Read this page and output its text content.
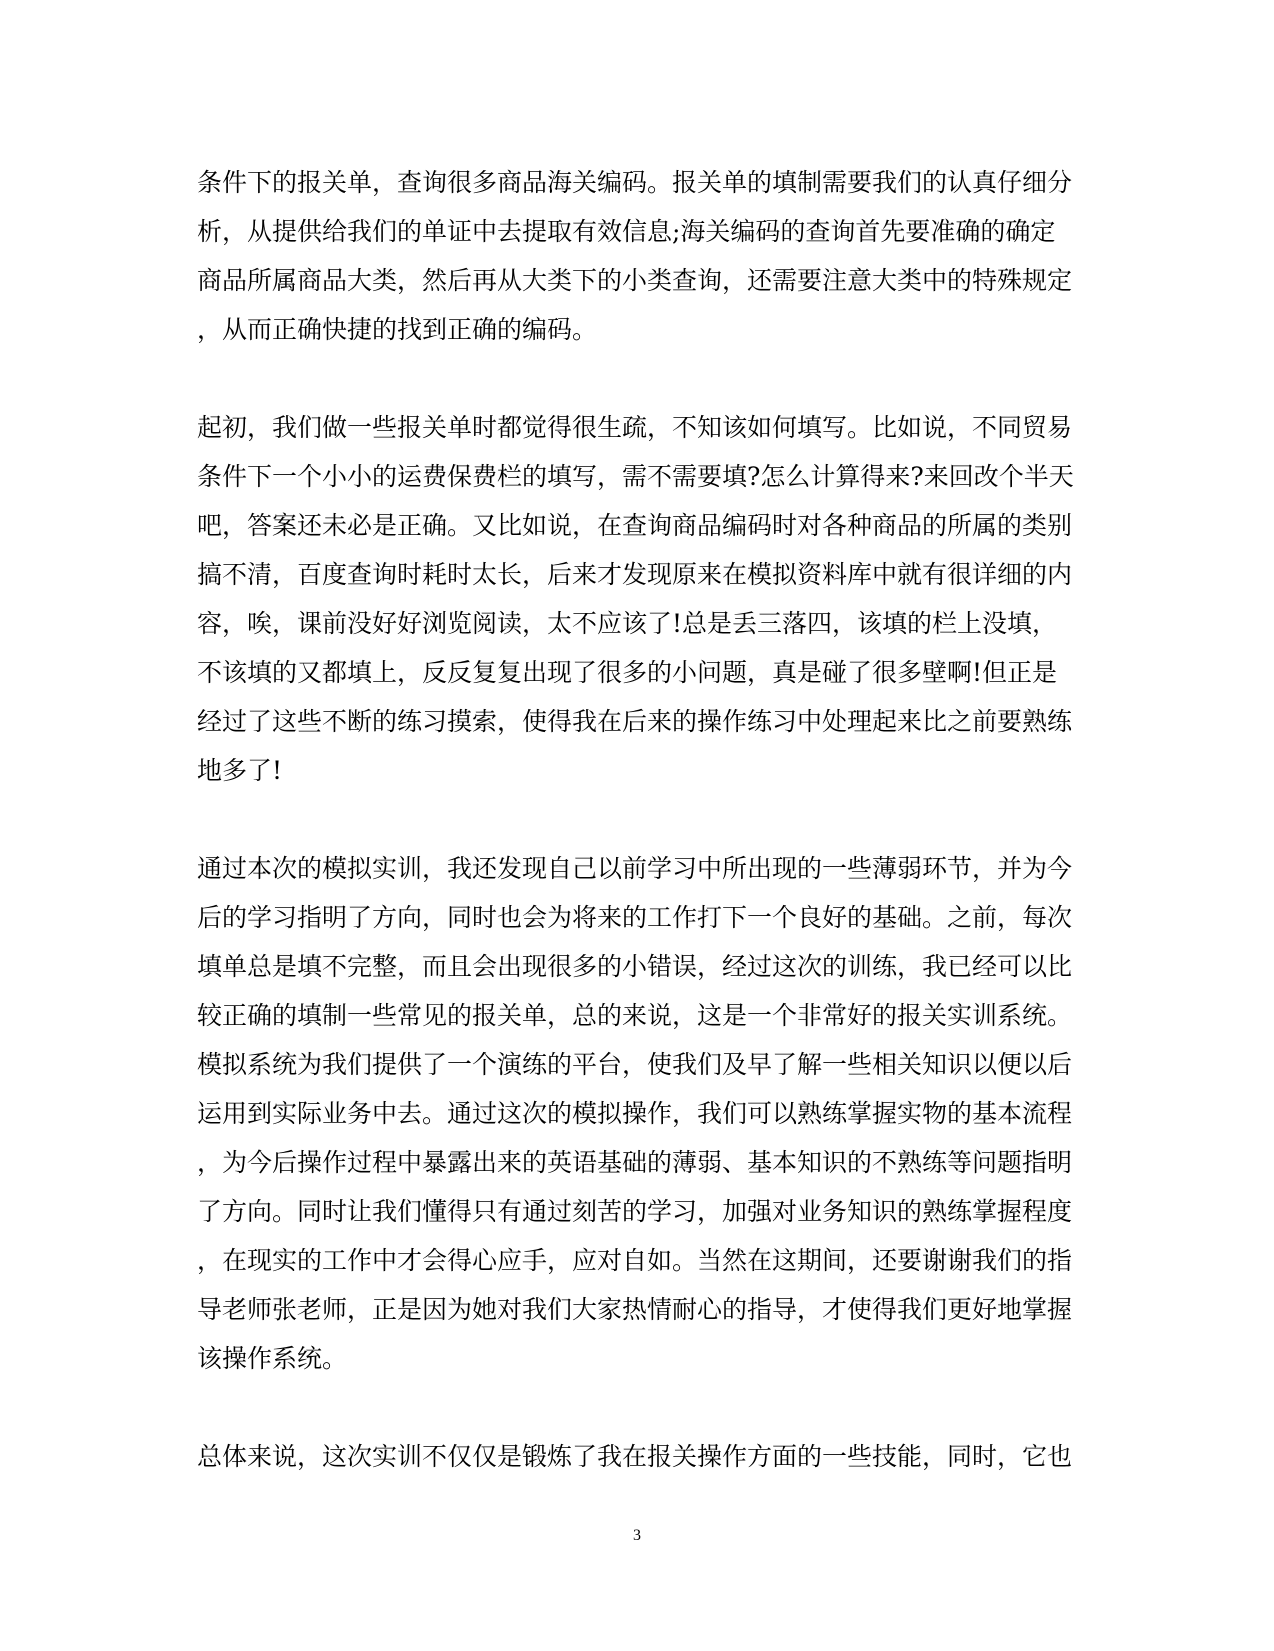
条件下的报关单，查询很多商品海关编码。报关单的填制需要我们的认真仔细分
析，从提供给我们的单证中去提取有效信息;海关编码的查询首先要准确的确定
商品所属商品大类，然后再从大类下的小类查询，还需要注意大类中的特殊规定
，从而正确快捷的找到正确的编码。
起初，我们做一些报关单时都觉得很生疏，不知该如何填写。比如说，不同贸易
条件下一个小小的运费保费栏的填写，需不需要填?怎么计算得来?来回改个半天
吧，答案还未必是正确。又比如说，在查询商品编码时对各种商品的所属的类别
搞不清，百度查询时耗时太长，后来才发现原来在模拟资料库中就有很详细的内
容，唉，课前没好好浏览阅读，太不应该了!总是丢三落四，该填的栏上没填，
不该填的又都填上，反反复复出现了很多的小问题，真是碰了很多壁啊!但正是
经过了这些不断的练习摸索，使得我在后来的操作练习中处理起来比之前要熟练
地多了!
通过本次的模拟实训，我还发现自己以前学习中所出现的一些薄弱环节，并为今
后的学习指明了方向，同时也会为将来的工作打下一个良好的基础。之前，每次
填单总是填不完整，而且会出现很多的小错误，经过这次的训练，我已经可以比
较正确的填制一些常见的报关单，总的来说，这是一个非常好的报关实训系统。
模拟系统为我们提供了一个演练的平台，使我们及早了解一些相关知识以便以后
运用到实际业务中去。通过这次的模拟操作，我们可以熟练掌握实物的基本流程
，为今后操作过程中暴露出来的英语基础的薄弱、基本知识的不熟练等问题指明
了方向。同时让我们懂得只有通过刻苦的学习，加强对业务知识的熟练掌握程度
，在现实的工作中才会得心应手，应对自如。当然在这期间，还要谢谢我们的指
导老师张老师，正是因为她对我们大家热情耐心的指导，才使得我们更好地掌握
该操作系统。
总体来说，这次实训不仅仅是锻炼了我在报关操作方面的一些技能，同时，它也
3
